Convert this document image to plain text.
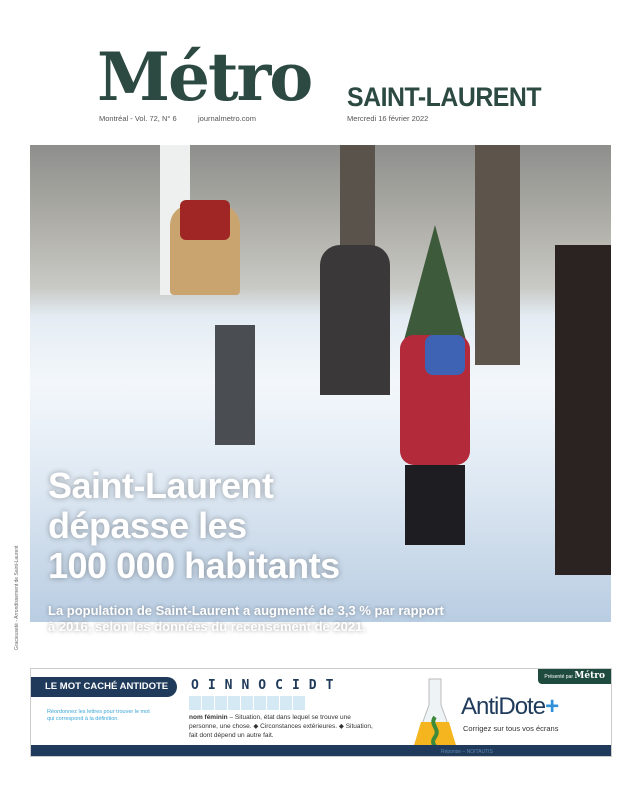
Métro SAINT-LAURENT
Montréal - Vol. 72, N° 6	journalmetro.com	Mercredi 16 février 2022
Saint-Laurent
dépasse les
100 000 habitants
La population de Saint-Laurent a augmenté de 3,3 % par rapport
à 2016, selon les données du recensement de 2021.
Gracieuseté - Arrondissement de Saint-Laurent
LE MOT CACHÉ ANTIDOTE
Réordonnez les lettres pour trouver le mot qui correspond à la définition.
OINNOCIDT
nom féminin – Situation, état dans lequel se trouve une personne, une chose. ◆ Circonstances extérieures. ◆ Situation, fait dont dépend un autre fait.
Présenté par Métro
AntiDote+
Corrigez sur tous vos écrans
Réponse – NOITAUTIS
